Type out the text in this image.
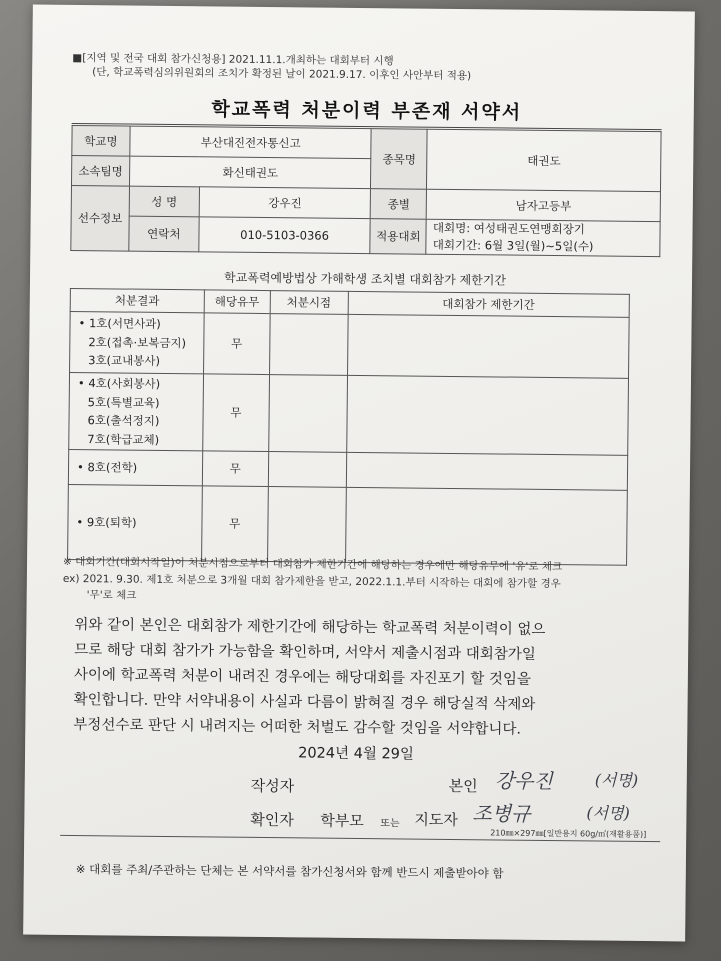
■[지역 및 전국 대회 참가신청용] 2021.11.1.개최하는 대회부터 시행
(단, 학교폭력심의위원회의 조치가 확정된 날이 2021.9.17. 이후인 사안부터 적용)
학교폭력 처분이력 부존재 서약서
학교명	부산대진전자통신고		종목명	태권도
소속팀명	화신태권도			
선수정보	성 명	강우진	종별	남자고등부
	연락처	010-5103-0366	적용대회	대회명: 여성태권도연맹회장기
대회기간: 6월 3일(월)~5일(수)
학교폭력예방법상 가해학생 조치별 대회참가 제한기간
처분결과	해당유무	처분시점	대회참가 제한기간

• 1호(서면사과)
2호(접촉·보복금지)
3호(교내봉사)	무		

• 4호(사회봉사)
5호(특별교육)
6호(출석정지)
7호(학급교체)	무		

• 8호(전학)	무		

• 9호(퇴학)	무		
※ 대회기간(대회시작일)이 처분시점으로부터 대회참가 제한기간에 해당하는 경우에만 해당유무에 '유'로 체크
ex) 2021. 9.30. 제1호 처분으로 3개월 대회 참가제한을 받고, 2022.1.1.부터 시작하는 대회에 참가할 경우
'무'로 체크
위와 같이 본인은 대회참가 제한기간에 해당하는 학교폭력 처분이력이 없으
므로 해당 대회 참가가 가능함을 확인하며, 서약서 제출시점과 대회참가일
사이에 학교폭력 처분이 내려진 경우에는 해당대회를 자진포기 할 것임을
확인합니다. 만약 서약내용이 사실과 다름이 밝혀질 경우 해당실적 삭제와
부정선수로 판단 시 내려지는 어떠한 처벌도 감수할 것임을 서약합니다.
2024년 4월 29일
작성자	본인 강우진	(서명)
확인자 학부모 또는 지도자 조병규	(서명)
210㎜×297㎜[일반용지 60g/㎡(재활용품)]
※ 대회를 주최/주관하는 단체는 본 서약서를 참가신청서와 함께 반드시 제출받아야 함
